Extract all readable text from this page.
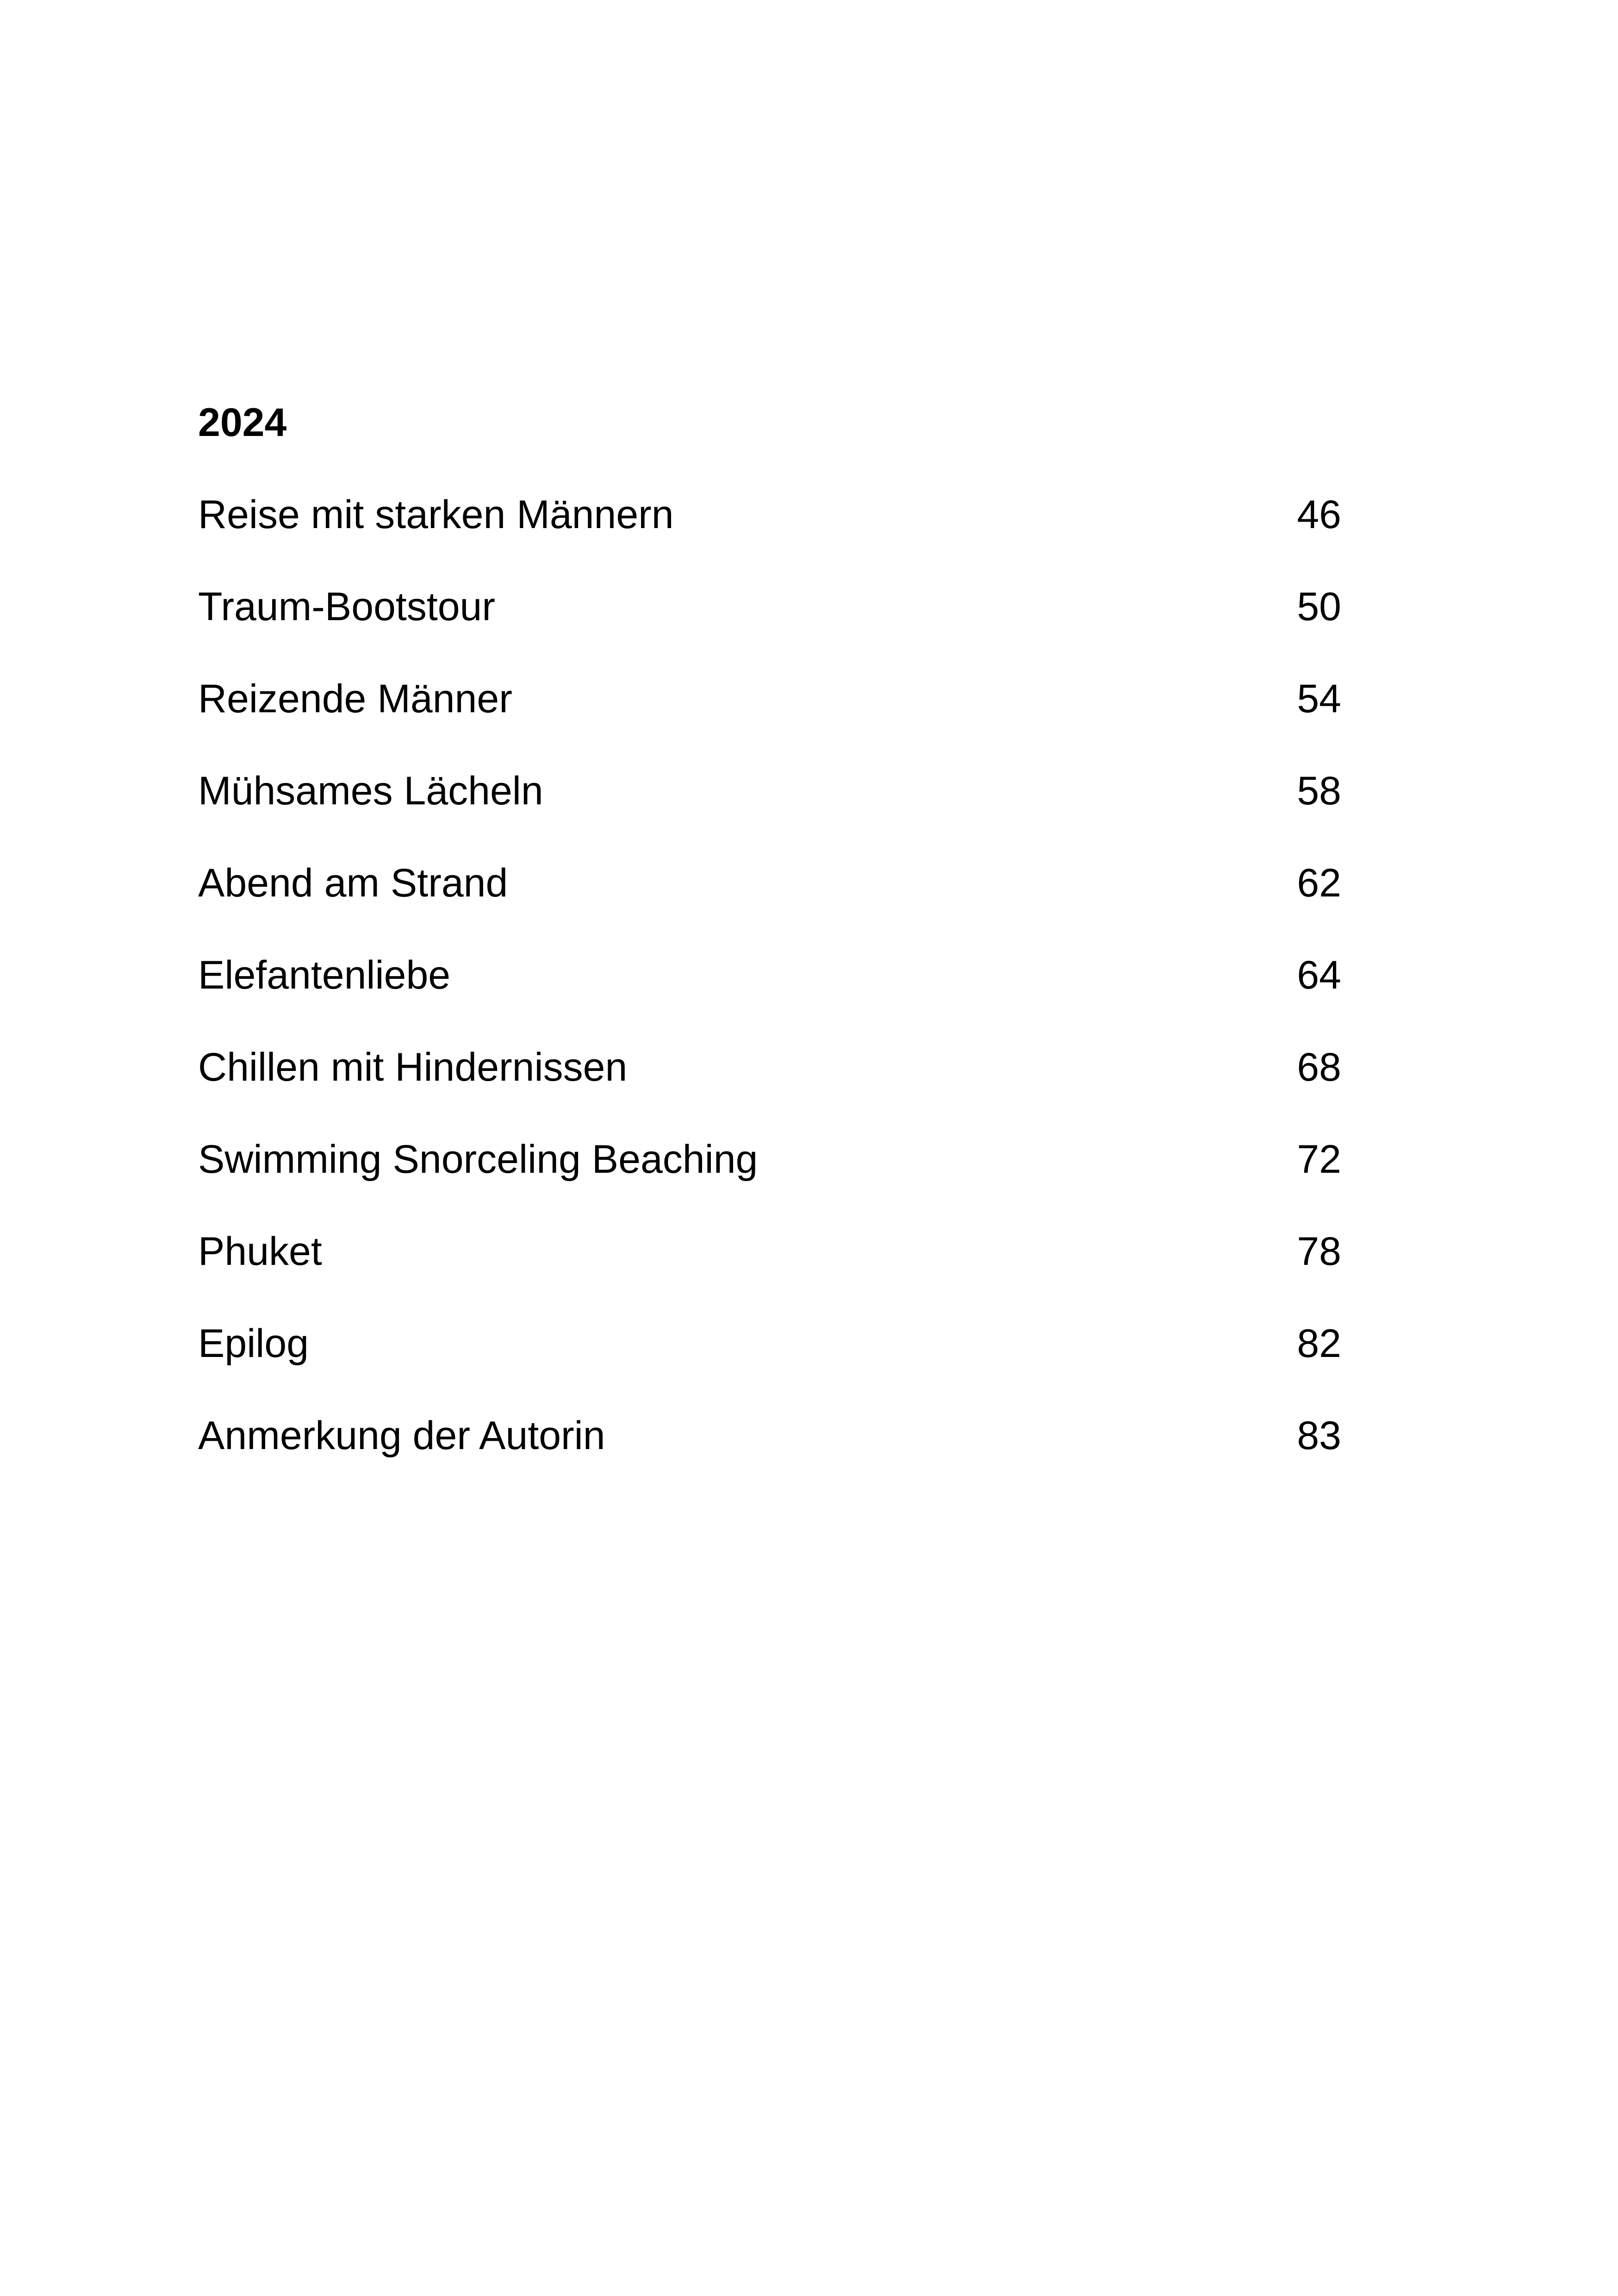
2024
Reise mit starken Männern	46
Traum-Bootstour	50
Reizende Männer	54
Mühsames Lächeln	58
Abend am Strand	62
Elefantenliebe	64
Chillen mit Hindernissen	68
Swimming Snorceling Beaching	72
Phuket	78
Epilog	82
Anmerkung der Autorin	83
